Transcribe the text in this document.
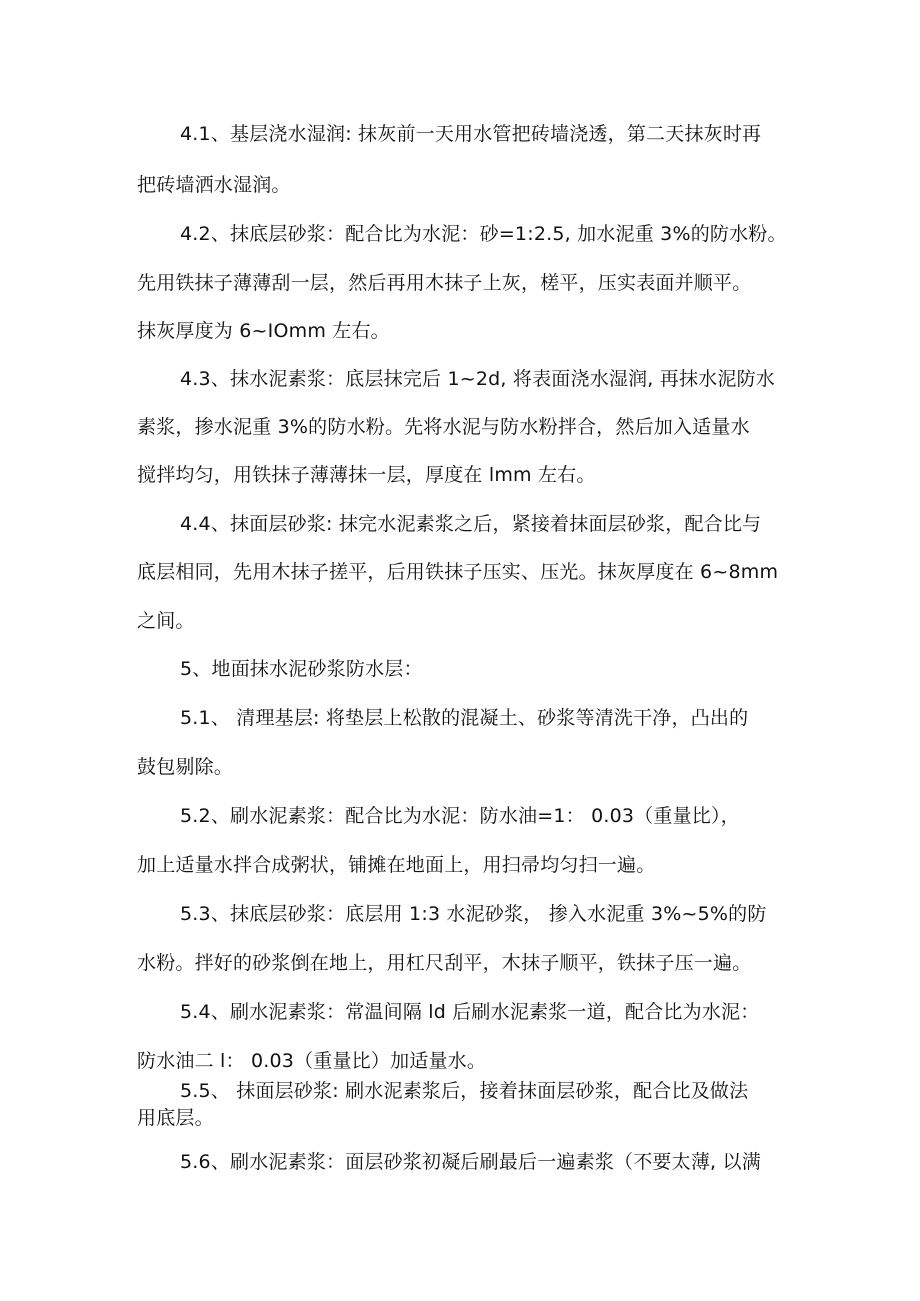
4.1、基层浇水湿润: 抹灰前一天用水管把砖墙浇透，第二天抹灰时再
把砖墙洒水湿润。
4.2、抹底层砂浆：配合比为水泥：砂=1:2.5, 加水泥重 3%的防水粉。
先用铁抹子薄薄刮一层，然后再用木抹子上灰，槎平，压实表面并顺平。
抹灰厚度为 6~IOmm 左右。
4.3、抹水泥素浆：底层抹完后 1~2d, 将表面浇水湿润, 再抹水泥防水
素浆，掺水泥重 3%的防水粉。先将水泥与防水粉拌合，然后加入适量水
搅拌均匀，用铁抹子薄薄抹一层，厚度在 lmm 左右。
4.4、抹面层砂浆: 抹完水泥素浆之后，紧接着抹面层砂浆，配合比与
底层相同，先用木抹子搓平，后用铁抹子压实、压光。抹灰厚度在 6~8mm
之间。
5、地面抹水泥砂浆防水层：
5.1、 清理基层: 将垫层上松散的混凝土、砂浆等清洗干净，凸出的
鼓包剔除。
5.2、刷水泥素浆：配合比为水泥：防水油=1： 0.03（重量比），
加上适量水拌合成粥状，铺摊在地面上，用扫帚均匀扫一遍。
5.3、抹底层砂浆：底层用 1:3 水泥砂浆， 掺入水泥重 3%~5%的防
水粉。拌好的砂浆倒在地上，用杠尺刮平，木抹子顺平，铁抹子压一遍。
5.4、刷水泥素浆：常温间隔 ld 后刷水泥素浆一道，配合比为水泥：
防水油二 l： 0.03（重量比）加适量水。
5.5、 抹面层砂浆: 刷水泥素浆后，接着抹面层砂浆，配合比及做法
用底层。
5.6、刷水泥素浆：面层砂浆初凝后刷最后一遍素浆（不要太薄, 以满
